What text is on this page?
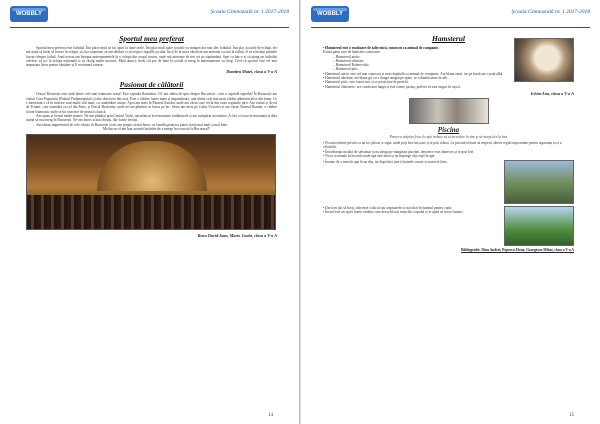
WOBBLY	Școala Gimnazială nr. 1 2017-2018
Sportul meu preferat

Sportul meu preferat este fotbalul. Îmi place mult să fac sport la toate orele. Îmi plac mult toate jocurile cu mingea dar mai ales fotbalul. Îmi plac jocurile de echipă, ele mă ajută să învăț să lucrez în echipă, să fiu cooperant, să am răbdare și să respect regulile jocului. Încă de la mica vârstă m-am antrenat cu tata la fotbal, el m-a învățat primele lucruri despre fotbal. Anul acesta am început antrenamentele la o echipă din orașul nostru, unde mă antrenez de trei ori pe săptămână. Sper ca într-o zi să ajung un fotbalist celebru, să joc la echipa națională și să câștig multe meciuri. Până atunci, învăț cât pot de bine la școală și merg la antrenamente cu drag. Cred că sportul este cel mai important lucru pentru sănătate și îl recomand tuturor.

Dumitru Matei, clasa a V-a A
Pasionat de călătorii

Orașul București este unul dintre cele mai frumoase orașe! Este capitala României. Of, am atâtea de spus despre București... este o capitală superbă! În București am vizitat Casa Poporului (Palatul Parlamentului) și alte obiective din oraș. Este o clădire foarte mare și impunătoare, una dintre cele mai mari clădiri administrative din lume. Ce e interesant e că în interior sunt multe săli mari, cu candelabre uriașe. Apoi am mers la Muzeul Satului, unde am văzut case vechi din toate regiunile țării. Am vizitat și Arcul de Triumf, care seamănă cu cel din Paris, și Parcul Herăstrău, unde ne-am plimbat cu barca pe lac. Seara am mers pe Calea Victoriei și am văzut Ateneul Român, o clădire foarte frumoasă, unde se țin concerte de muzică clasică.

Am ajuns și la mai multe muzee. Ne-am plimbat prin Centrul Vechi, am mâncat în restaurante tradiționale și am cumpărat suveniruri. A fost o excursie minunată și abia aștept să mai merg în București. Ne-am întors acasă obosiți, dar foarte fericiți.

Am rămas impresionat de cele văzute în București și mi-am propus să mă întorc cu familia pentru a putea vizita mai mult și mai bine.

Mă bucur că am luat această hotărâre de a merge în excursie la București!!

Rusu David-Ioan, Mario Justin, clasa a V-a A
14
WOBBLY	Școala Gimnazială nr. 1 2017-2018
Hamsterul
• Hamsterul este o rozătoare de talie mică, cunoscut ca animal de companie.
Există patru rase de hamsteri cunoscute:
– Hamsterul auriu;
– Hamsterul siberian;
– Hamsterul Roborovski;
– Hamsterul pitic.
• Hamsterul auriu: este cel mai cunoscut și mai răspândit ca animal de companie. Are blana aurie, iar pe burtă are o pată albă.
• Hamsterul siberian: are blana gri cu o dungă neagră pe spate, se schimbă iarna în alb.
• Hamsterul pitic: este foarte mic și se poate ține în perechi.
• Hamsterul chinezesc: are coada mai lungă și este foarte jucăuș, preferă să stea singur în cușcă.
Ichim Ana, clasa a V-a A
Piscina
Pentru a stăpâni frica de apă trebuie să ai încredere în tine și să mergi des la înot
• Piscina trebuie privită ca un loc plăcut și sigur, unde poți face mișcare și te poți relaxa. La piscină trebuie să respecți câteva reguli importante pentru siguranța ta și a celorlalți.
• Întotdeauna ascultă de salvamar și nu alerga pe marginea piscinei, deoarece este alunecos și te poți lovi.
• Nu te scufunda în locurile unde apa este mică și nu împinge alți copii în apă.
• Înainte de a intra în apă fă un duș, iar după înot ține-ți hainele curate și usucă-te bine.
• Dacă nu știi să înoți, folosește colacul sau aripioarele și stai doar în bazinul pentru copii.
• Înotul este un sport foarte sănătos care dezvoltă toți mușchii corpului și te ajută să crești frumos.
Bibliografie: Dinu Andrei, Popescu Elena, Georgescu Mihai, clasa a V-a A
15
